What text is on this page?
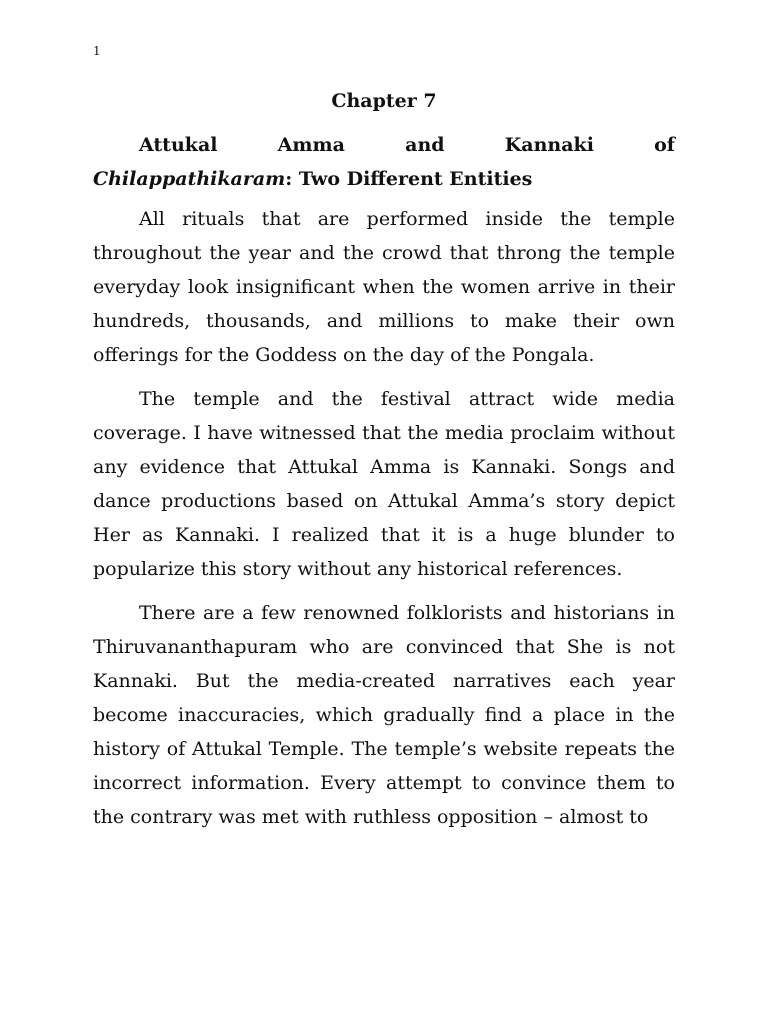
1
Chapter 7
Attukal	Amma	and	Kannaki	of
Chilappathikaram: Two Different Entities

All rituals that are performed inside the temple throughout the year and the crowd that throng the temple everyday look insignificant when the women arrive in their hundreds, thousands, and millions to make their own offerings for the Goddess on the day of the Pongala.

The temple and the festival attract wide media coverage. I have witnessed that the media proclaim without any evidence that Attukal Amma is Kannaki. Songs and dance productions based on Attukal Amma’s story depict Her as Kannaki. I realized that it is a huge blunder to popularize this story without any historical references.

There are a few renowned folklorists and historians in Thiruvananthapuram who are convinced that She is not Kannaki. But the media-created narratives each year become inaccuracies, which gradually find a place in the history of Attukal Temple. The temple’s website repeats the incorrect information. Every attempt to convince them to the contrary was met with ruthless opposition – almost to
